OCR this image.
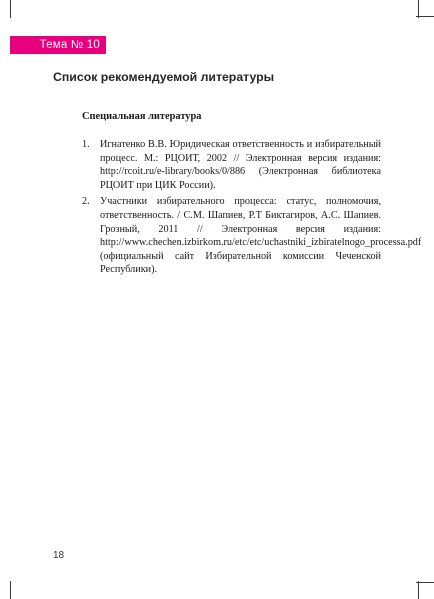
Тема № 10
Список рекомендуемой литературы
Специальная литература
1. Игнатенко В.В. Юридическая ответственность и избирательный процесс. М.: РЦОИТ, 2002 // Электронная версия издания: http://rcoit.ru/e-library/books/0/886 (Электронная библиотека РЦОИТ при ЦИК России).
2. Участники избирательного процесса: статус, полномочия, ответственность. / С.М. Шапиев, Р.Т Биктагиров, А.С. Шапиев. Грозный, 2011 // Электронная версия издания: http://www.chechen.izbirkom.ru/etc/etc/uchastniki_izbiratelnogo_processa.pdf (официальный сайт Избирательной комиссии Чеченской Республики).
18
